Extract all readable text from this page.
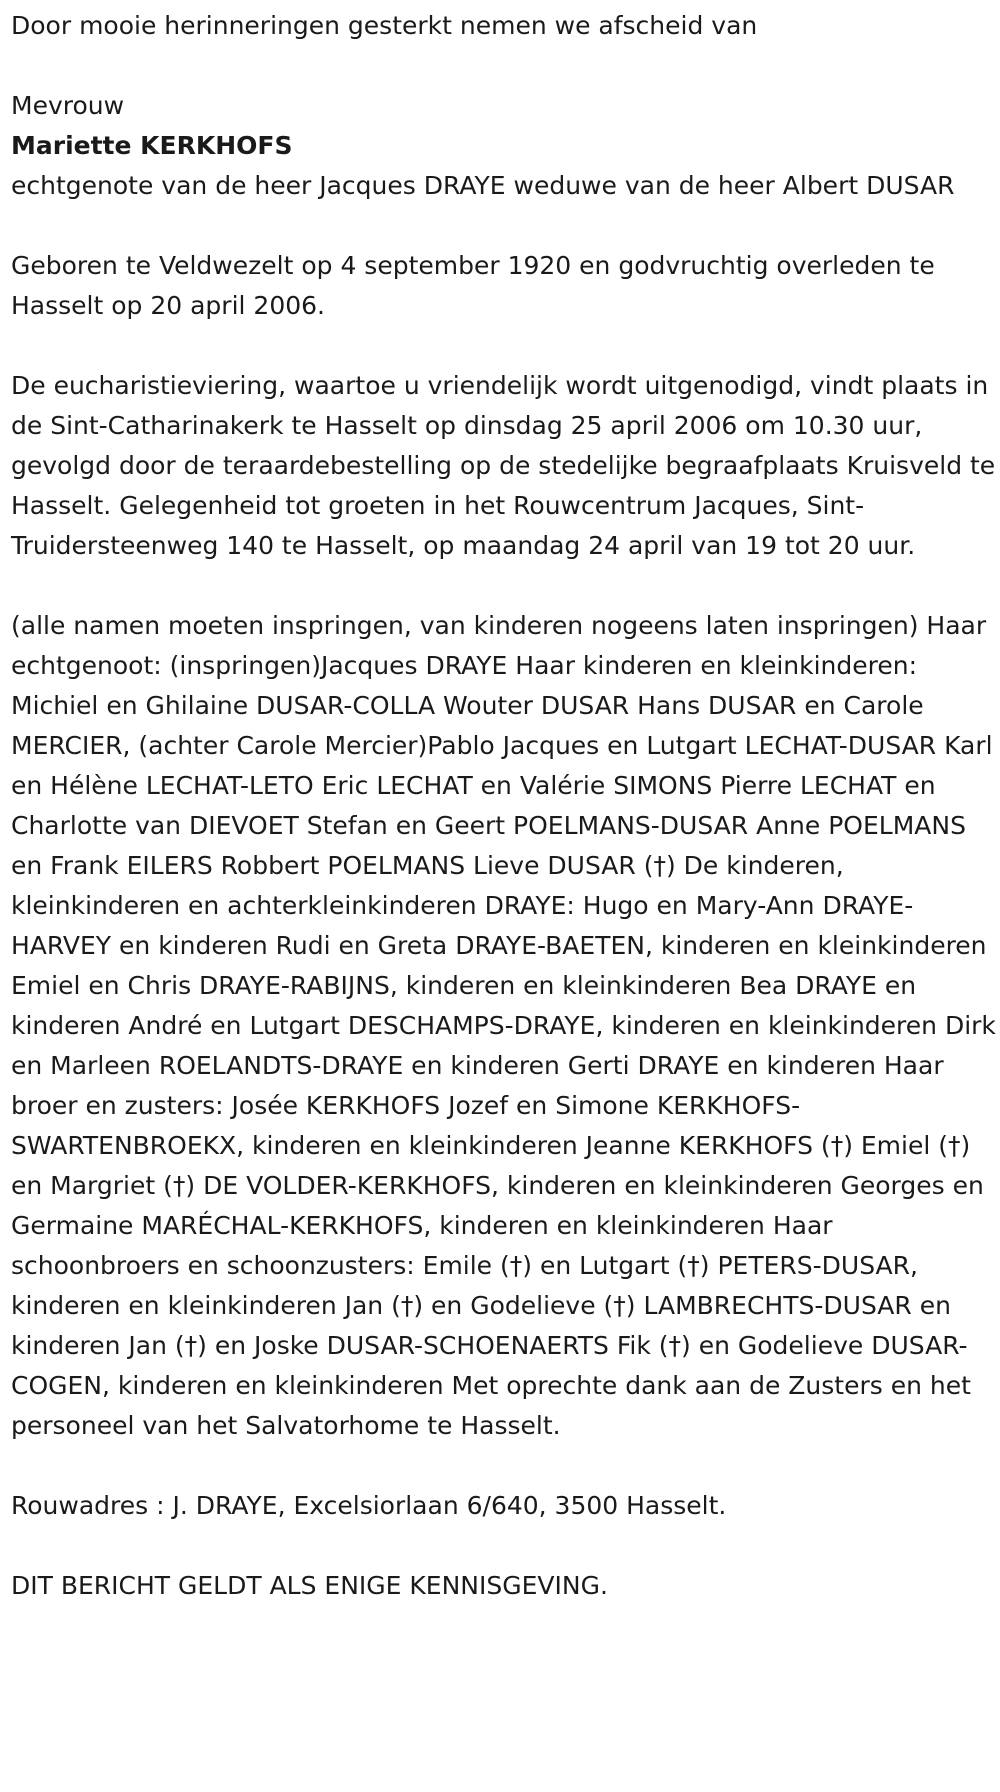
Door mooie herinneringen gesterkt nemen we afscheid van

Mevrouw

Mariette KERKHOFS

echtgenote van de heer Jacques DRAYE weduwe van de heer Albert DUSAR

Geboren te Veldwezelt op 4 september 1920 en godvruchtig overleden te Hasselt op 20 april 2006.

De eucharistieviering, waartoe u vriendelijk wordt uitgenodigd, vindt plaats in de Sint-Catharinakerk te Hasselt op dinsdag 25 april 2006 om 10.30 uur, gevolgd door de teraardebestelling op de stedelijke begraafplaats Kruisveld te Hasselt. Gelegenheid tot groeten in het Rouwcentrum Jacques, Sint-Truidersteenweg 140 te Hasselt, op maandag 24 april van 19 tot 20 uur.

(alle namen moeten inspringen, van kinderen nogeens laten inspringen) Haar echtgenoot: (inspringen)Jacques DRAYE Haar kinderen en kleinkinderen: Michiel en Ghilaine DUSAR-COLLA Wouter DUSAR Hans DUSAR en Carole MERCIER, (achter Carole Mercier)Pablo Jacques en Lutgart LECHAT-DUSAR Karl en Hélène LECHAT-LETO Eric LECHAT en Valérie SIMONS Pierre LECHAT en Charlotte van DIEVOET Stefan en Geert POELMANS-DUSAR Anne POELMANS en Frank EILERS Robbert POELMANS Lieve DUSAR (†) De kinderen, kleinkinderen en achterkleinkinderen DRAYE: Hugo en Mary-Ann DRAYE-HARVEY en kinderen Rudi en Greta DRAYE-BAETEN, kinderen en kleinkinderen Emiel en Chris DRAYE-RABIJNS, kinderen en kleinkinderen Bea DRAYE en kinderen André en Lutgart DESCHAMPS-DRAYE, kinderen en kleinkinderen Dirk en Marleen ROELANDTS-DRAYE en kinderen Gerti DRAYE en kinderen Haar broer en zusters: Josée KERKHOFS Jozef en Simone KERKHOFS-SWARTENBROEKX, kinderen en kleinkinderen Jeanne KERKHOFS (†) Emiel (†) en Margriet (†) DE VOLDER-KERKHOFS, kinderen en kleinkinderen Georges en Germaine MARÉCHAL-KERKHOFS, kinderen en kleinkinderen Haar schoonbroers en schoonzusters: Emile (†) en Lutgart (†) PETERS-DUSAR, kinderen en kleinkinderen Jan (†) en Godelieve (†) LAMBRECHTS-DUSAR en kinderen Jan (†) en Joske DUSAR-SCHOENAERTS Fik (†) en Godelieve DUSAR-COGEN, kinderen en kleinkinderen Met oprechte dank aan de Zusters en het personeel van het Salvatorhome te Hasselt.

Rouwadres : J. DRAYE, Excelsiorlaan 6/640, 3500 Hasselt.

DIT BERICHT GELDT ALS ENIGE KENNISGEVING.
